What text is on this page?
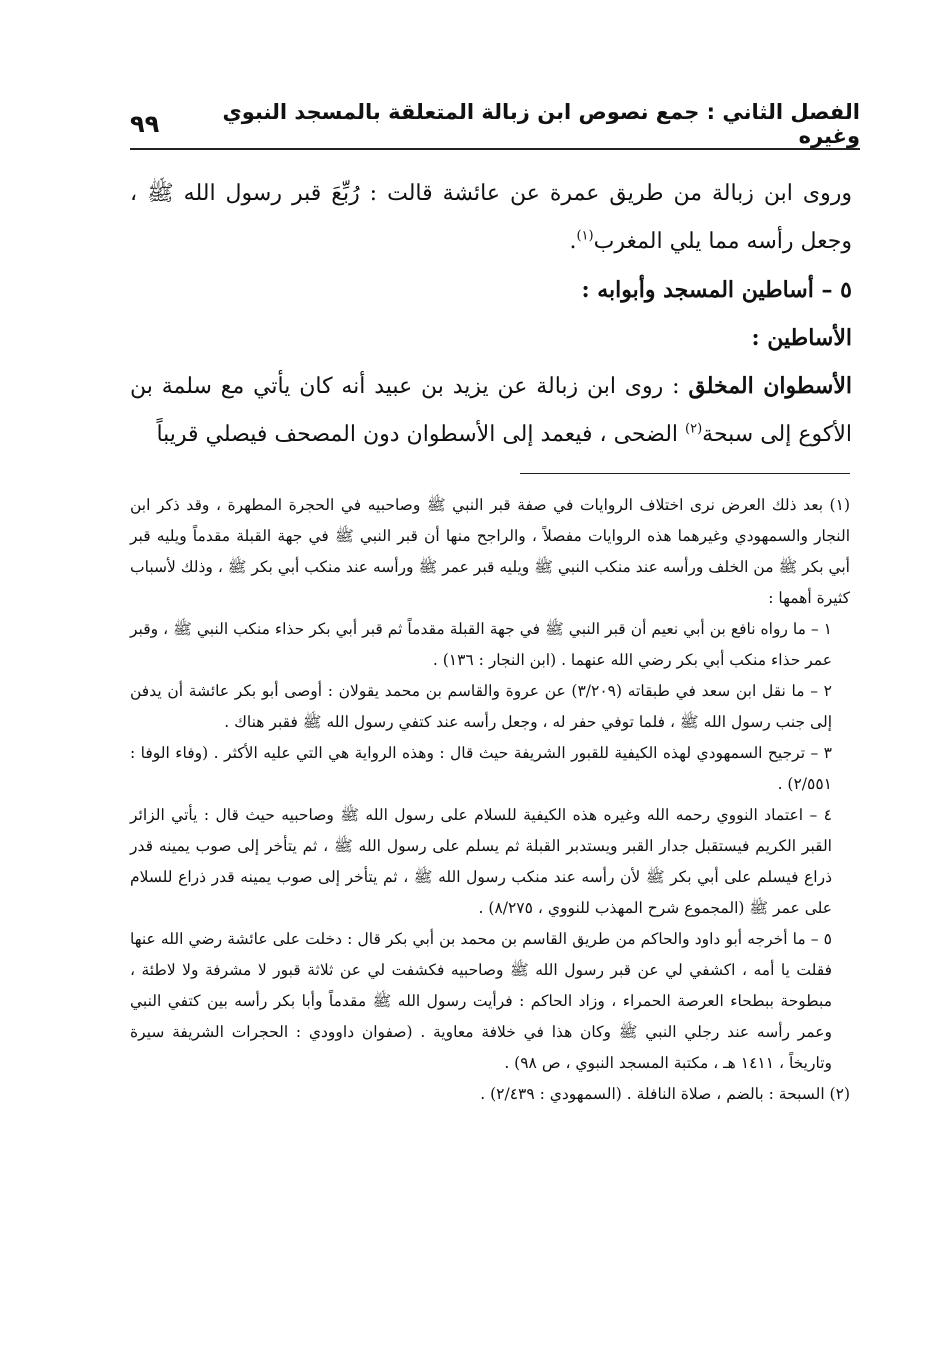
الفصل الثاني : جمع نصوص ابن زبالة المتعلقة بالمسجد النبوي وغيره
٩٩

وروى ابن زبالة من طريق عمرة عن عائشة قالت : رُبِّعَ قبر رسول الله ﷺ ، وجعل رأسه مما يلي المغرب$^{(١)}$.

٥ – أساطين المسجد وأبوابه :

الأساطين :

الأسطوان المخلق : روى ابن زبالة عن يزيد بن عبيد أنه كان يأتي مع سلمة بن الأكوع إلى سبحة$^{(٢)}$ الضحى ، فيعمد إلى الأسطوان دون المصحف فيصلي قريباً

(١) بعد ذلك العرض نرى اختلاف الروايات في صفة قبر النبي ﷺ وصاحبيه في الحجرة المطهرة ، وقد ذكر ابن النجار والسمهودي وغيرهما هذه الروايات مفصلاً ، والراجح منها أن قبر النبي ﷺ في جهة القبلة مقدماً ويليه قبر أبي بكر ﷺ من الخلف ورأسه عند منكب النبي ﷺ ويليه قبر عمر ﷺ ورأسه عند منكب أبي بكر ﷺ ، وذلك لأسباب كثيرة أهمها :

١ – ما رواه نافع بن أبي نعيم أن قبر النبي ﷺ في جهة القبلة مقدماً ثم قبر أبي بكر حذاء منكب النبي ﷺ ، وقبر عمر حذاء منكب أبي بكر رضي الله عنهما . (ابن النجار : ١٣٦) .

٢ – ما نقل ابن سعد في طبقاته (٣/٢٠٩) عن عروة والقاسم بن محمد يقولان : أوصى أبو بكر عائشة أن يدفن إلى جنب رسول الله ﷺ ، فلما توفي حفر له ، وجعل رأسه عند كتفي رسول الله ﷺ فقبر هناك .

٣ – ترجيح السمهودي لهذه الكيفية للقبور الشريفة حيث قال : وهذه الرواية هي التي عليه الأكثر . (وفاء الوفا : ٢/٥٥١) .

٤ – اعتماد النووي رحمه الله وغيره هذه الكيفية للسلام على رسول الله ﷺ وصاحبيه حيث قال : يأتي الزائر القبر الكريم فيستقبل جدار القبر ويستدبر القبلة ثم يسلم على رسول الله ﷺ ، ثم يتأخر إلى صوب يمينه قدر ذراع فيسلم على أبي بكر ﷺ لأن رأسه عند منكب رسول الله ﷺ ، ثم يتأخر إلى صوب يمينه قدر ذراع للسلام على عمر ﷺ (المجموع شرح المهذب للنووي ، ٨/٢٧٥) .

٥ – ما أخرجه أبو داود والحاكم من طريق القاسم بن محمد بن أبي بكر قال : دخلت على عائشة رضي الله عنها فقلت يا أمه ، اكشفي لي عن قبر رسول الله ﷺ وصاحبيه فكشفت لي عن ثلاثة قبور لا مشرفة ولا لاطئة ، مبطوحة ببطحاء العرصة الحمراء ، وزاد الحاكم : فرأيت رسول الله ﷺ مقدماً وأبا بكر رأسه بين كتفي النبي وعمر رأسه عند رجلي النبي ﷺ وكان هذا في خلافة معاوية . (صفوان داوودي : الحجرات الشريفة سيرة وتاريخاً ، ١٤١١ هـ ، مكتبة المسجد النبوي ، ص ٩٨) .

(٢) السبحة : بالضم ، صلاة النافلة . (السمهودي : ٢/٤٣٩) .
